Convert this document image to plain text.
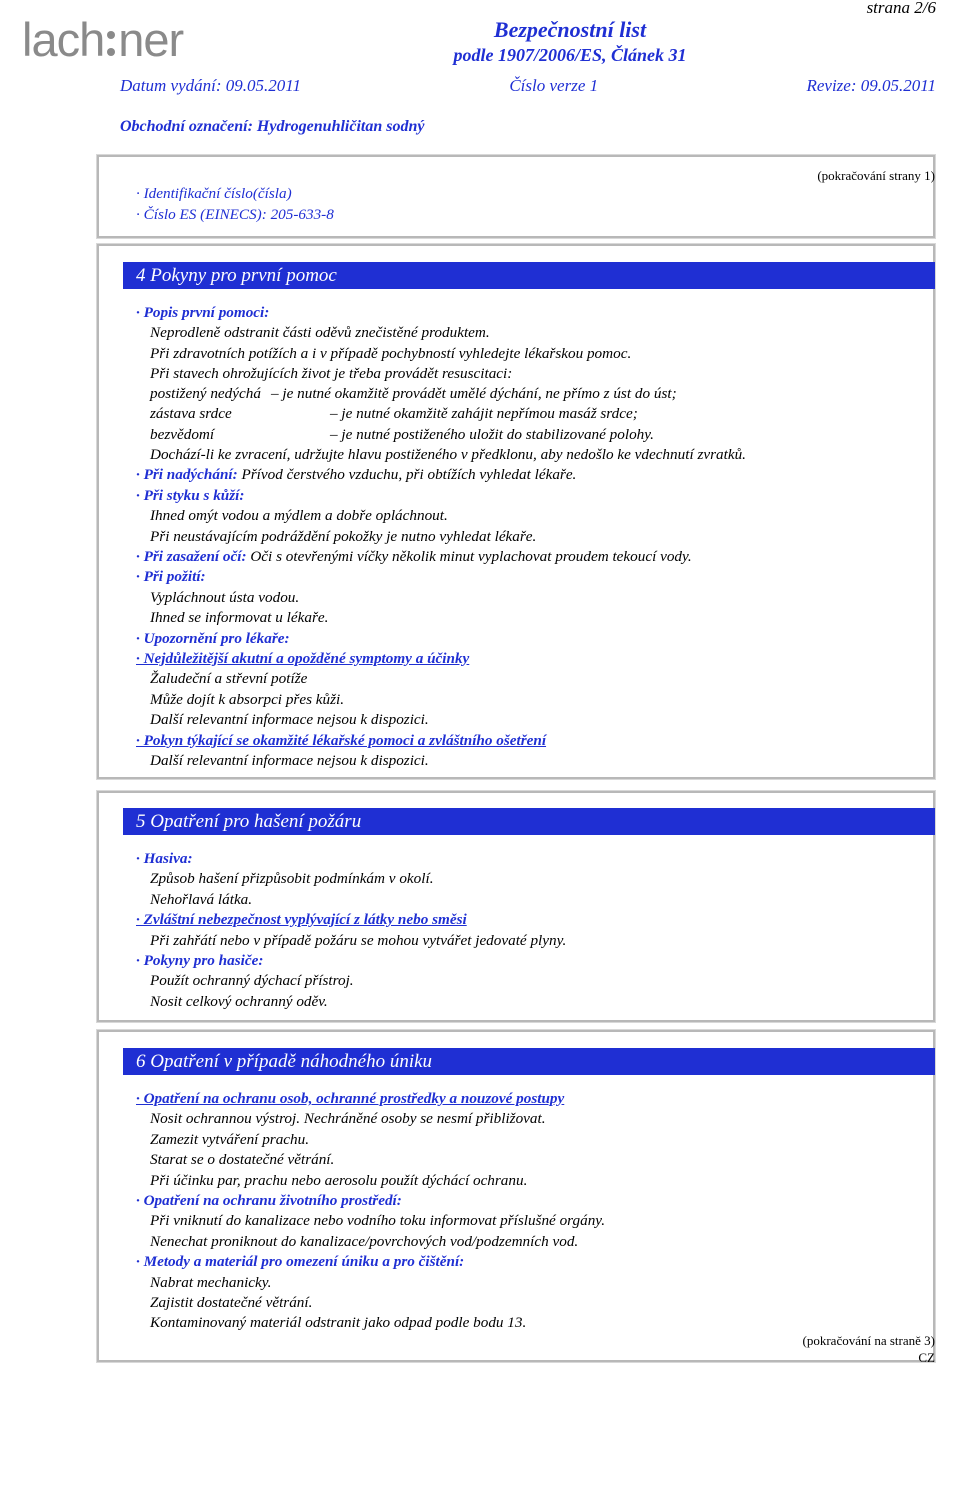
lach ner
strana 2/6
Bezpečnostní list
podle 1907/2006/ES, Článek 31
Datum vydání: 09.05.2011	Číslo verze 1	Revize: 09.05.2011
Obchodní označení: Hydrogenuhličitan sodný
(pokračování strany 1)
· Identifikační číslo(čísla)
· Číslo ES (EINECS): 205-633-8
4 Pokyny pro první pomoc
· Popis první pomoci:
Neprodleně odstranit části oděvů znečistěné produktem.
Při zdravotních potížích a i v případě pochybností vyhledejte lékařskou pomoc.
Při stavech ohrožujících život je třeba provádět resuscitaci:
postižený nedýchá – je nutné okamžitě provádět umělé dýchání, ne přímo z úst do úst;
zástava srdce	– je nutné okamžitě zahájit nepřímou masáž srdce;
bezvědomí	– je nutné postiženého uložit do stabilizované polohy.
Dochází-li ke zvracení, udržujte hlavu postiženého v předklonu, aby nedošlo ke vdechnutí zvratků.
· Při nadýchání: Přívod čerstvého vzduchu, při obtížích vyhledat lékaře.
· Při styku s kůží:
Ihned omýt vodou a mýdlem a dobře opláchnout.
Při neustávajícím podráždění pokožky je nutno vyhledat lékaře.
· Při zasažení očí: Oči s otevřenými víčky několik minut vyplachovat proudem tekoucí vody.
· Při požití:
Vypláchnout ústa vodou.
Ihned se informovat u lékaře.
· Upozornění pro lékaře:
· Nejdůležitější akutní a opožděné symptomy a účinky
Žaludeční a střevní potíže
Může dojít k absorpci přes kůži.
Další relevantní informace nejsou k dispozici.
· Pokyn týkající se okamžité lékařské pomoci a zvláštního ošetření
Další relevantní informace nejsou k dispozici.
5 Opatření pro hašení požáru
· Hasiva:
Způsob hašení přizpůsobit podmínkám v okolí.
Nehořlavá látka.
· Zvláštní nebezpečnost vyplývající z látky nebo směsi
Při zahřátí nebo v případě požáru se mohou vytvářet jedovaté plyny.
· Pokyny pro hasiče:
Použít ochranný dýchací přístroj.
Nosit celkový ochranný oděv.
6 Opatření v případě náhodného úniku
· Opatření na ochranu osob, ochranné prostředky a nouzové postupy
Nosit ochrannou výstroj. Nechráněné osoby se nesmí přibližovat.
Zamezit vytváření prachu.
Starat se o dostatečné větrání.
Při účinku par, prachu nebo aerosolu použít dýchácí ochranu.
· Opatření na ochranu životního prostředí:
Při vniknutí do kanalizace nebo vodního toku informovat příslušné orgány.
Nenechat proniknout do kanalizace/povrchových vod/podzemních vod.
· Metody a materiál pro omezení úniku a pro čištění:
Nabrat mechanicky.
Zajistit dostatečné větrání.
Kontaminovaný materiál odstranit jako odpad podle bodu 13.
(pokračování na straně 3)
CZ
